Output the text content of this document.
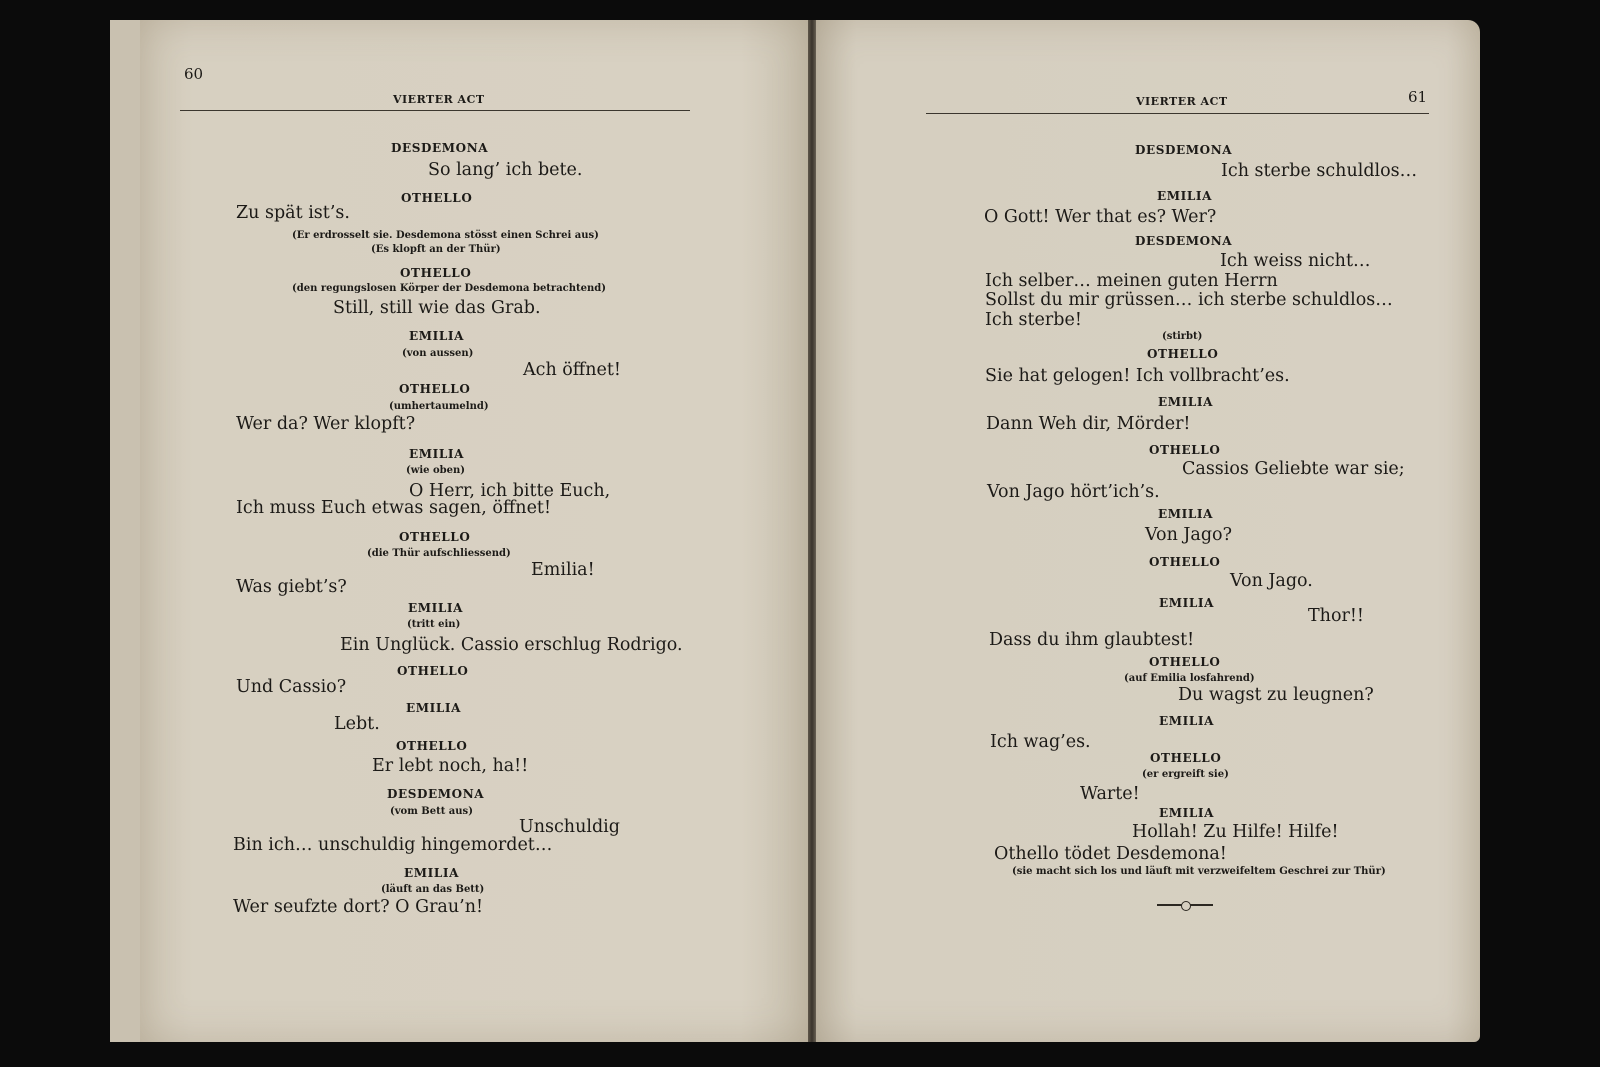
60
VIERTER ACT
DESDEMONA
So lang’ ich bete.
OTHELLO
Zu spät ist’s.
(Er erdrosselt sie. Desdemona stösst einen Schrei aus)
(Es klopft an der Thür)
OTHELLO
(den regungslosen Körper der Desdemona betrachtend)
Still, still wie das Grab.
EMILIA
(von aussen)
Ach öffnet!
OTHELLO
(umhertaumelnd)
Wer da? Wer klopft?
EMILIA
(wie oben)
O Herr, ich bitte Euch,
Ich muss Euch etwas sagen, öffnet!
OTHELLO
(die Thür aufschliessend)
Emilia!
Was giebt’s?
EMILIA
(tritt ein)
Ein Unglück. Cassio erschlug Rodrigo.
OTHELLO
Und Cassio?
EMILIA
Lebt.
OTHELLO
Er lebt noch, ha!!
DESDEMONA
(vom Bett aus)
Unschuldig
Bin ich… unschuldig hingemordet…
EMILIA
(läuft an das Bett)
Wer seufzte dort? O Grau’n!
VIERTER ACT	61
DESDEMONA
Ich sterbe schuldlos…
EMILIA
O Gott! Wer that es? Wer?
DESDEMONA
Ich weiss nicht…
Ich selber… meinen guten Herrn
Sollst du mir grüssen… ich sterbe schuldlos…
Ich sterbe!
(stirbt)
OTHELLO
Sie hat gelogen! Ich vollbracht’es.
EMILIA
Dann Weh dir, Mörder!
OTHELLO
Cassios Geliebte war sie;
Von Jago hört’ich’s.
EMILIA
Von Jago?
OTHELLO
Von Jago.
EMILIA
Thor!!
Dass du ihm glaubtest!
OTHELLO
(auf Emilia losfahrend)
Du wagst zu leugnen?
EMILIA
Ich wag’es.
OTHELLO
(er ergreift sie)
Warte!
EMILIA
Hollah! Zu Hilfe! Hilfe!
Othello tödet Desdemona!
(sie macht sich los und läuft mit verzweifeltem Geschrei zur Thür)
